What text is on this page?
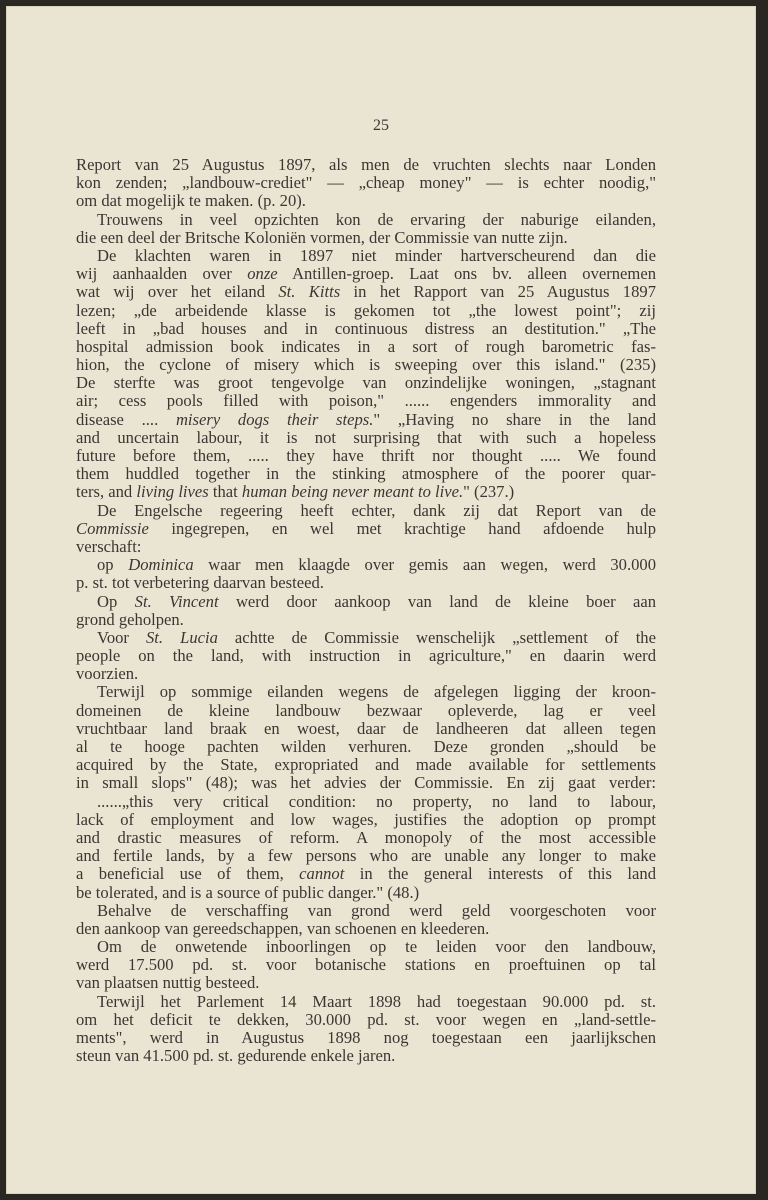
25
Report van 25 Augustus 1897, als men de vruchten slechts naar Londen
kon zenden; „landbouw-crediet" — „cheap money" — is echter noodig,"
om dat mogelijk te maken. (p. 20).
Trouwens in veel opzichten kon de ervaring der naburige eilanden,
die een deel der Britsche Koloniën vormen, der Commissie van nutte zijn.
De klachten waren in 1897 niet minder hartverscheurend dan die
wij aanhaalden over onze Antillen-groep. Laat ons bv. alleen overnemen
wat wij over het eiland St. Kitts in het Rapport van 25 Augustus 1897
lezen; „de arbeidende klasse is gekomen tot „the lowest point"; zij
leeft in „bad houses and in continuous distress an destitution." „The
hospital admission book indicates in a sort of rough barometric fas-
hion, the cyclone of misery which is sweeping over this island." (235)
De sterfte was groot tengevolge van onzindelijke woningen, „stagnant
air; cess pools filled with poison," ...... engenders immorality and
disease .... misery dogs their steps." „Having no share in the land
and uncertain labour, it is not surprising that with such a hopeless
future before them, ..... they have thrift nor thought ..... We found
them huddled together in the stinking atmosphere of the poorer quar-
ters, and living lives that human being never meant to live." (237.)
De Engelsche regeering heeft echter, dank zij dat Report van de
Commissie ingegrepen, en wel met krachtige hand afdoende hulp
verschaft:
op Dominica waar men klaagde over gemis aan wegen, werd 30.000
p. st. tot verbetering daarvan besteed.
Op St. Vincent werd door aankoop van land de kleine boer aan
grond geholpen.
Voor St. Lucia achtte de Commissie wenschelijk „settlement of the
people on the land, with instruction in agriculture," en daarin werd
voorzien.
Terwijl op sommige eilanden wegens de afgelegen ligging der kroon-
domeinen de kleine landbouw bezwaar opleverde, lag er veel
vruchtbaar land braak en woest, daar de landheeren dat alleen tegen
al te hooge pachten wilden verhuren. Deze gronden „should be
acquired by the State, expropriated and made available for settlements
in small slops" (48); was het advies der Commissie. En zij gaat verder:
......„this very critical condition: no property, no land to labour,
lack of employment and low wages, justifies the adoption op prompt
and drastic measures of reform. A monopoly of the most accessible
and fertile lands, by a few persons who are unable any longer to make
a beneficial use of them, cannot in the general interests of this land
be tolerated, and is a source of public danger." (48.)
Behalve de verschaffing van grond werd geld voorgeschoten voor
den aankoop van gereedschappen, van schoenen en kleederen.
Om de onwetende inboorlingen op te leiden voor den landbouw,
werd 17.500 pd. st. voor botanische stations en proeftuinen op tal
van plaatsen nuttig besteed.
Terwijl het Parlement 14 Maart 1898 had toegestaan 90.000 pd. st.
om het deficit te dekken, 30.000 pd. st. voor wegen en „land-settle-
ments", werd in Augustus 1898 nog toegestaan een jaarlijkschen
steun van 41.500 pd. st. gedurende enkele jaren.
